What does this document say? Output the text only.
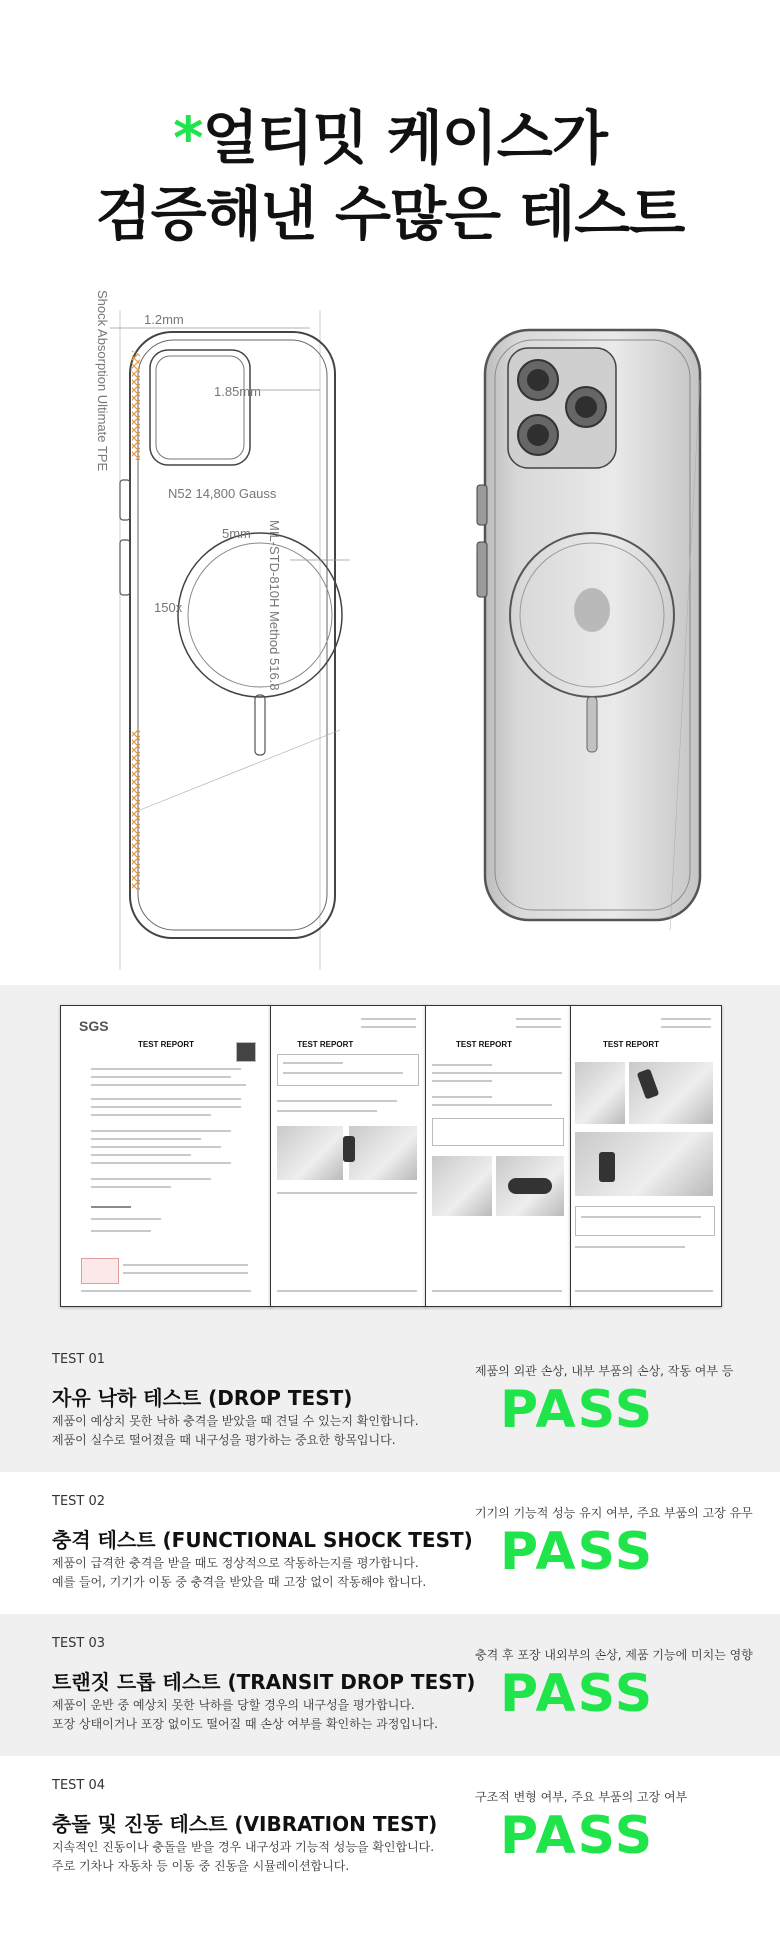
*얼티밋 케이스가
검증해낸 수많은 테스트
1.2mm
1.85mm
5mm
N52 14,800 Gauss
150x
Shock Absorption Ultimate TPE
MIL-STD-810H Method 516.8
SGS
TEST REPORT	TEST REPORT	TEST REPORT	TEST REPORT
TEST 01
자유 낙하 테스트 (DROP TEST)
제품이 예상치 못한 낙하 충격을 받았을 때 견딜 수 있는지 확인합니다.
제품이 실수로 떨어졌을 때 내구성을 평가하는 중요한 항목입니다.
제품의 외관 손상, 내부 부품의 손상, 작동 여부 등
PASS
TEST 02
충격 테스트 (FUNCTIONAL SHOCK TEST)
제품이 급격한 충격을 받을 때도 정상적으로 작동하는지를 평가합니다.
예를 들어, 기기가 이동 중 충격을 받았을 때 고장 없이 작동해야 합니다.
기기의 기능적 성능 유지 여부, 주요 부품의 고장 유무
PASS
TEST 03
트랜짓 드롭 테스트 (TRANSIT DROP TEST)
제품이 운반 중 예상치 못한 낙하를 당할 경우의 내구성을 평가합니다.
포장 상태이거나 포장 없이도 떨어질 때 손상 여부를 확인하는 과정입니다.
충격 후 포장 내외부의 손상, 제품 기능에 미치는 영향
PASS
TEST 04
충돌 및 진동 테스트 (VIBRATION TEST)
지속적인 진동이나 충돌을 받을 경우 내구성과 기능적 성능을 확인합니다.
주로 기차나 자동차 등 이동 중 진동을 시뮬레이션합니다.
구조적 변형 여부, 주요 부품의 고장 여부
PASS
